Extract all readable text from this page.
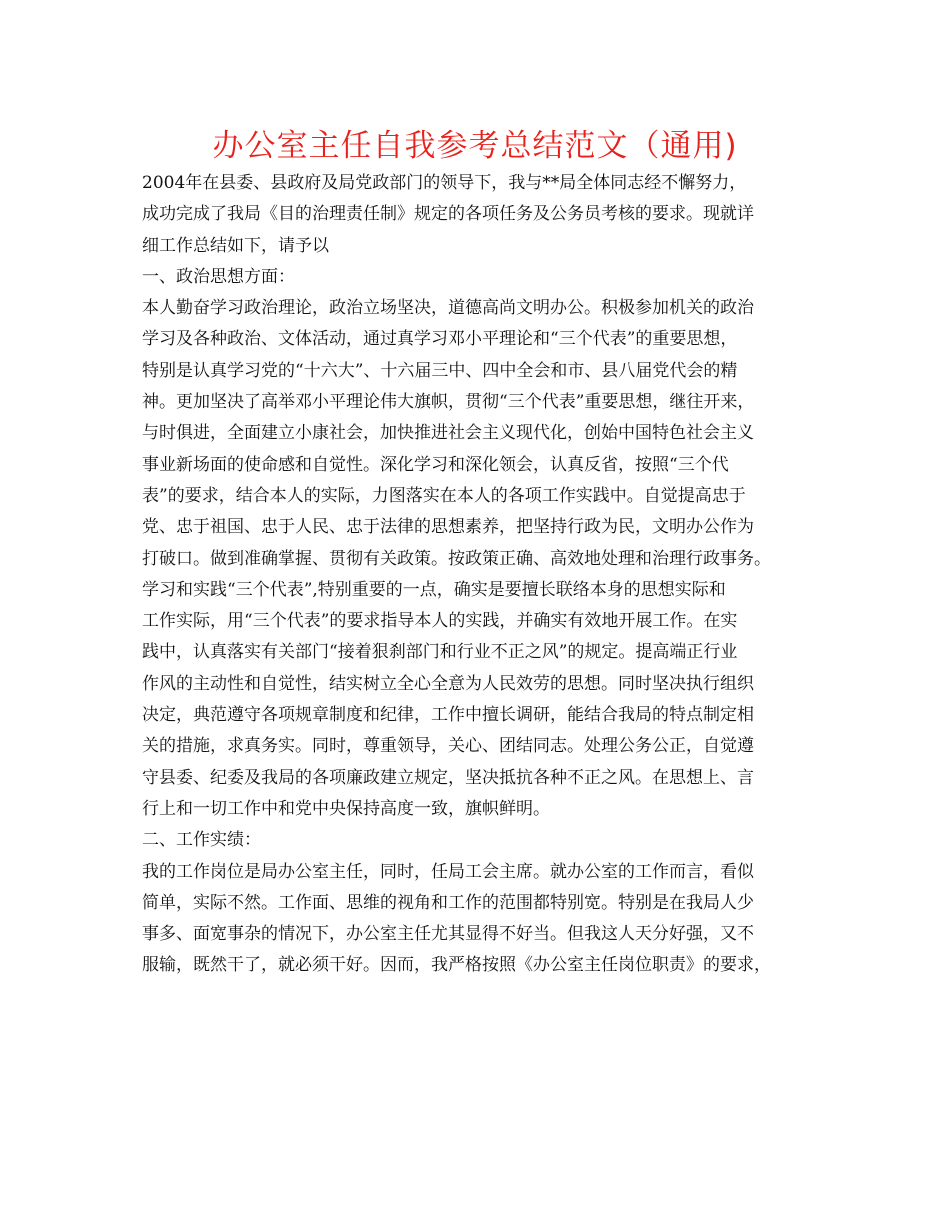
办公室主任自我参考总结范文（通用)
2004年在县委、县政府及局党政部门的领导下，我与**局全体同志经不懈努力，
成功完成了我局《目的治理责任制》规定的各项任务及公务员考核的要求。现就详
细工作总结如下，请予以
一、政治思想方面：
本人勤奋学习政治理论，政治立场坚决，道德高尚文明办公。积极参加机关的政治
学习及各种政治、文体活动，通过真学习邓小平理论和“三个代表”的重要思想，
特别是认真学习党的“十六大”、十六届三中、四中全会和市、县八届党代会的精
神。更加坚决了高举邓小平理论伟大旗帜，贯彻“三个代表”重要思想，继往开来，
与时俱进，全面建立小康社会，加快推进社会主义现代化，创始中国特色社会主义
事业新场面的使命感和自觉性。深化学习和深化领会，认真反省，按照“三个代
表”的要求，结合本人的实际，力图落实在本人的各项工作实践中。自觉提高忠于
党、忠于祖国、忠于人民、忠于法律的思想素养，把坚持行政为民，文明办公作为
打破口。做到准确掌握、贯彻有关政策。按政策正确、高效地处理和治理行政事务。
学习和实践“三个代表”,特别重要的一点，确实是要擅长联络本身的思想实际和
工作实际，用“三个代表”的要求指导本人的实践，并确实有效地开展工作。在实
践中，认真落实有关部门“接着狠刹部门和行业不正之风”的规定。提高端正行业
作风的主动性和自觉性，结实树立全心全意为人民效劳的思想。同时坚决执行组织
决定，典范遵守各项规章制度和纪律，工作中擅长调研，能结合我局的特点制定相
关的措施，求真务实。同时，尊重领导，关心、团结同志。处理公务公正，自觉遵
守县委、纪委及我局的各项廉政建立规定，坚决抵抗各种不正之风。在思想上、言
行上和一切工作中和党中央保持高度一致，旗帜鲜明。
二、工作实绩：
我的工作岗位是局办公室主任，同时，任局工会主席。就办公室的工作而言，看似
简单，实际不然。工作面、思维的视角和工作的范围都特别宽。特别是在我局人少
事多、面宽事杂的情况下，办公室主任尤其显得不好当。但我这人天分好强，又不
服输，既然干了，就必须干好。因而，我严格按照《办公室主任岗位职责》的要求，
